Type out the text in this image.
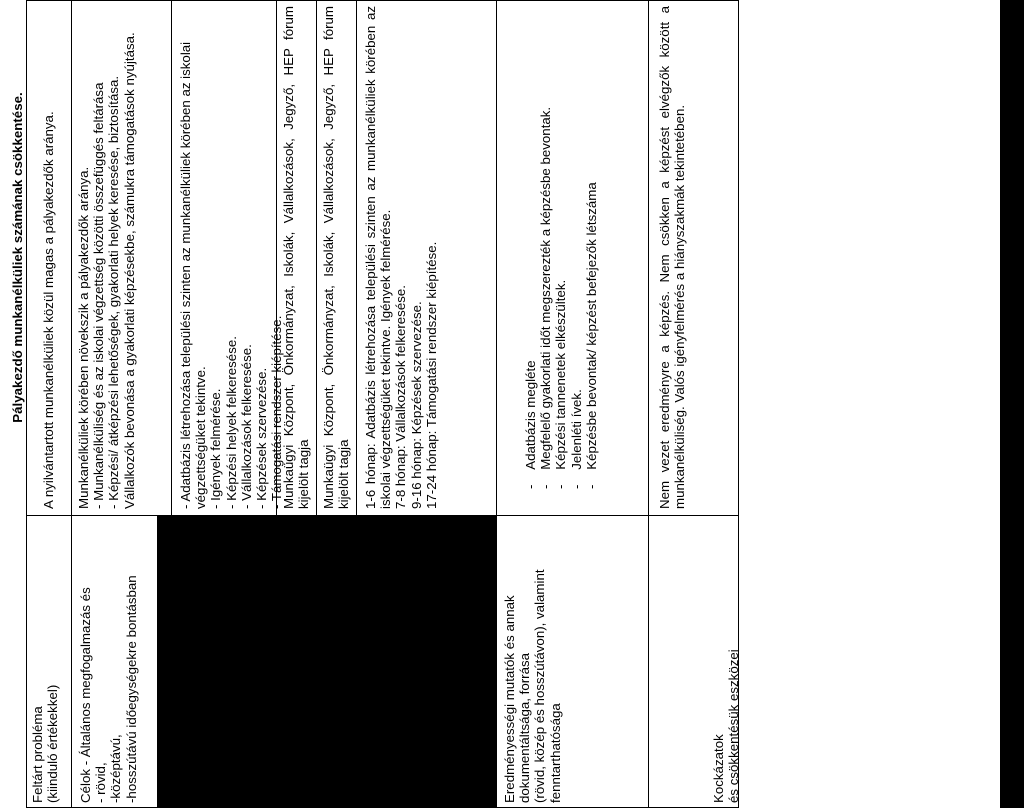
Pályakezdő munkanélküliek számának csökkentése.
Feltárt probléma
(kiinduló értékekkel)
A nyilvántartott munkanélküliek közül magas a pályakezdők aránya.
Célok - Általános megfogalmazás és
- rövid,
-középtávú,
-hosszútávú időegységekre bontásban
Munkanélküliek körében növekszik a pályakezdők aránya. - Munkanélküliség és az iskolai végzettség közötti összefüggés feltárása - Képzési/ átképzési lehetőségek, gyakorlati helyek keresése, biztosítása. Vállalkozók bevonása a gyakorlati képzésekbe, számukra támogatások nyújtása.	- Adatbázis létrehozása települési szinten az munkanélküliek körében az iskolai végzettségüket tekintve. - Igények felmérése. - Képzési helyek felkeresése. - Vállalkozások felkeresése. - Képzések szervezése. - Támogatási rendszer kiépítése.
Munkaügyi Központ, Önkormányzat, Iskolák, Vállalkozások, Jegyző, HEP fórum kijelölt tagja Munkaügyi Központ, Önkormányzat, Iskolák, Vállalkozások, Jegyző, HEP fórum kijelölt tagja 1-6 hónap: Adatbázis létrehozása települési szinten az munkanélküliek körében az iskolai végzettségüket tekintve. Igények felmérése. 7-8 hónap: Vállalkozások felkeresése. 9-16 hónap: Képzések szervezése. 17-24 hónap: Támogatási rendszer kiépítése.
Eredményességi mutatók és annak dokumentáltsága, forrása
(rövid, közép és hosszútávon), valamint fenntarthatósága
-    Adatbázis megléte
-    Megfelelő gyakorlati időt megszerezték a képzésbe bevontak.
-    Képzési tannenetek elkészültek.
-    Jelenléti ívek.
-    Képzésbe bevontak/ képzést befejezők létszáma
Kockázatok
és csökkentésük eszközei
Nem vezet eredményre a képzés. Nem csökken a képzést elvégzők között a munkanélküliség. Valós igényfelmérés a hiányszakmák tekintetében.
